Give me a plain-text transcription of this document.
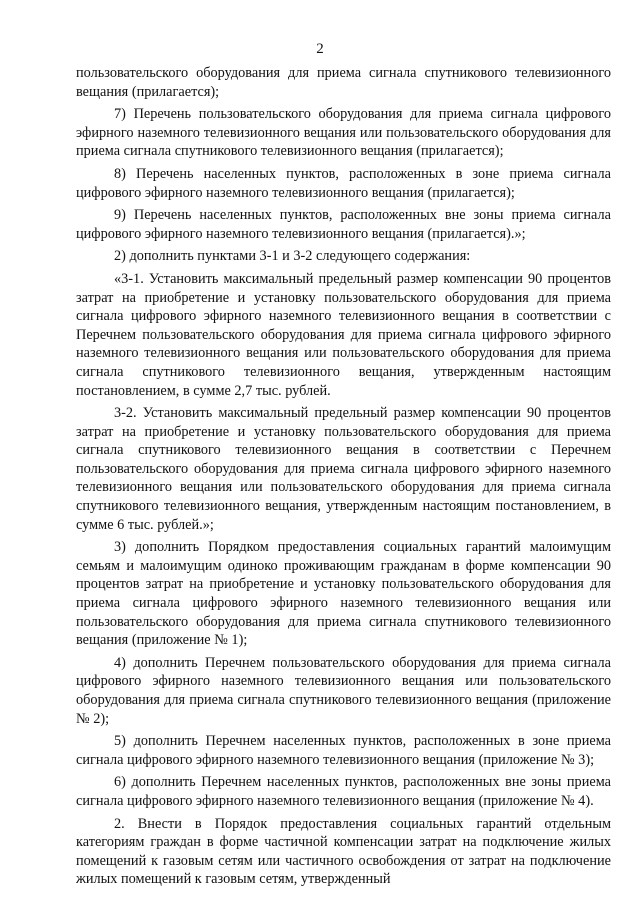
2

пользовательского оборудования для приема сигнала спутникового телевизионного вещания (прилагается);

7) Перечень пользовательского оборудования для приема сигнала цифрового эфирного наземного телевизионного вещания или пользовательского оборудования для приема сигнала спутникового телевизионного вещания (прилагается);

8) Перечень населенных пунктов, расположенных в зоне приема сигнала цифрового эфирного наземного телевизионного вещания (прилагается);

9) Перечень населенных пунктов, расположенных вне зоны приема сигнала цифрового эфирного наземного телевизионного вещания (прилагается).»;

2) дополнить пунктами 3-1 и 3-2 следующего содержания:

«3-1. Установить максимальный предельный размер компенсации 90 процентов затрат на приобретение и установку пользовательского оборудования для приема сигнала цифрового эфирного наземного телевизионного вещания в соответствии с Перечнем пользовательского оборудования для приема сигнала цифрового эфирного наземного телевизионного вещания или пользовательского оборудования для приема сигнала спутникового телевизионного вещания, утвержденным настоящим постановлением, в сумме 2,7 тыс. рублей.

3-2. Установить максимальный предельный размер компенсации 90 процентов затрат на приобретение и установку пользовательского оборудования для приема сигнала спутникового телевизионного вещания в соответствии с Перечнем пользовательского оборудования для приема сигнала цифрового эфирного наземного телевизионного вещания или пользовательского оборудования для приема сигнала спутникового телевизионного вещания, утвержденным настоящим постановлением, в сумме 6 тыс. рублей.»;

3) дополнить Порядком предоставления социальных гарантий малоимущим семьям и малоимущим одиноко проживающим гражданам в форме компенсации 90 процентов затрат на приобретение и установку пользовательского оборудования для приема сигнала цифрового эфирного наземного телевизионного вещания или пользовательского оборудования для приема сигнала спутникового телевизионного вещания (приложение № 1);

4) дополнить Перечнем пользовательского оборудования для приема сигнала цифрового эфирного наземного телевизионного вещания или пользовательского оборудования для приема сигнала спутникового телевизионного вещания (приложение № 2);

5) дополнить Перечнем населенных пунктов, расположенных в зоне приема сигнала цифрового эфирного наземного телевизионного вещания (приложение № 3);

6) дополнить Перечнем населенных пунктов, расположенных вне зоны приема сигнала цифрового эфирного наземного телевизионного вещания (приложение № 4).

2. Внести в Порядок предоставления социальных гарантий отдельным категориям граждан в форме частичной компенсации затрат на подключение жилых помещений к газовым сетям или частичного освобождения от затрат на подключение жилых помещений к газовым сетям, утвержденный
